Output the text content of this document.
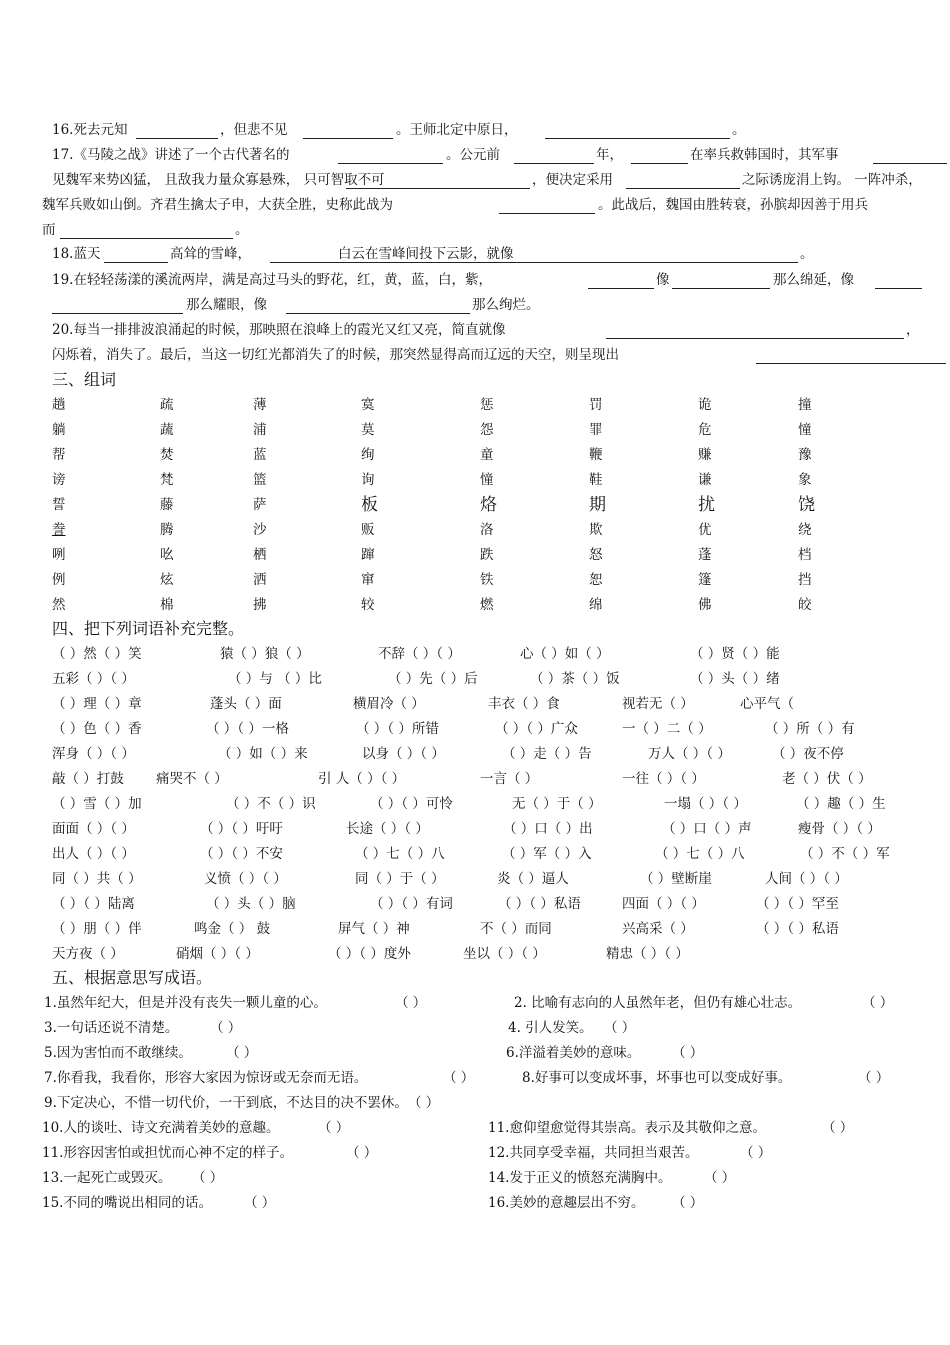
16.死去元知	，但悲不见	。王师北定中原日，	。
17.《马陵之战》讲述了一个古代著名的	。公元前	年，	在率兵救韩国时，其军事
见魏军来势凶猛， 且敌我力量众寡悬殊， 只可智取不可	，便决定采用	之际诱庞涓上钩。 一阵冲杀，
魏军兵败如山倒。齐君生擒太子申，大获全胜，史称此战为	。此战后，魏国由胜转衰，孙膑却因善于用兵
而	。
18.蓝天	高耸的雪峰，	白云在雪峰间投下云影，就像	。
19.在轻轻荡漾的溪流两岸，满是高过马头的野花，红，黄，蓝，白，紫，	像	那么绵延，像
那么耀眼，像	那么绚烂。
20.每当一排排波浪涌起的时候，那映照在浪峰上的霞光又红又亮，简直就像	，
闪烁着，消失了。最后，当这一切红光都消失了的时候，那突然显得高而辽远的天空，则呈现出
三、组词
趟	疏	薄	寞	惩	罚	诡	撞
躺	蔬	浦	莫	怨	罪	危	憧
帮	焚	蓝	绚	童	鞭	赚	豫
谤	梵	篮	询	憧	鞋	谦	象
誓	藤	萨	板	烙	期	扰	饶
誊	腾	沙	贩	洛	欺	优	绕
咧	吆	栖	蹿	跌	怒	蓬	档
例	炫	洒	窜	铁	恕	篷	挡
然	棉	拂	较	燃	绵	佛	皎
四、把下列词语补充完整。
（ ）然（ ）笑	猿（ ）狼（ ）	不辞（ ）（ ）	心（ ）如（ ）	（ ）贤（ ）能
五彩（ ）（ ）	（ ）与 （ ）比	（ ）先（ ）后	（ ）茶（ ）饭	（ ）头（ ）绪
（ ）理（ ）章	蓬头（ ）面	横眉冷（ ）	丰衣（ ）食	视若无（ ）	心平气（
（ ）色（ ）香	（ ）（ ）一格	（ ）（ ）所错	（ ）（ ）广众	一（ ）二（ ）	（ ）所（ ）有
浑身（ ）（ ）	（ ）如（ ）来	以身（ ）（ ）	（ ）走（ ）告	万人（ ）（ ）	（ ）夜不停
敲（ ）打鼓 痛哭不（ ）	引 人（ ）（ ）	一言（ ）	一往（ ）（ ）	老（ ）伏（ ）
（ ）雪（ ）加	（ ）不（ ）识	（ ）（ ）可怜	无（ ）于（ ）	一塌（ ）（ ）	（ ）趣（ ）生
面面（ ）（ ）	（ ）（ ）吁吁	长途（ ）（ ）	（ ）口（ ）出	（ ）口（ ）声	瘦骨（ ）（ ）
出人（ ）（ ）	（ ）（ ）不安	（ ）七（ ）八	（ ）军（ ）入	（ ）七（ ）八	（ ）不（ ）军
同（ ）共（ ）	义愤（ ）（ ）	同（ ）于（ ）	炎（ ）逼人	（ ）壁断崖	人间（ ）（ ）
（ ）（ ）陆离	（ ）头（ ）脑	（ ）（ ）有词	（ ）（ ）私语	四面（ ）（ ）	（ ）（ ）罕至
（ ）朋（ ）伴	鸣金（ ） 鼓	屏气（ ）神	不（ ）而同	兴高采（ ）	（ ）（ ）私语
天方夜（ ）	硝烟（ ）（ ）	（ ）（ ）度外	坐以（ ）（ ）	精忠（ ）（ ）
五、根据意思写成语。
1.虽然年纪大，但是并没有丧失一颗儿童的心。	（ ）	2. 比喻有志向的人虽然年老，但仍有雄心壮志。	（ ）
3.一句话还说不清楚。 （ ）	4. 引人发笑。 （ ）
5.因为害怕而不敢继续。	（ ）	6.洋溢着美妙的意味。 （ ）
7.你看我，我看你，形容大家因为惊讶或无奈而无语。	（ ）	8.好事可以变成坏事，坏事也可以变成好事。	（ ）
9.下定决心，不惜一切代价，一干到底，不达目的决不罢休。 （ ）
10.人的谈吐、诗文充满着美妙的意趣。	（ ）	11.愈仰望愈觉得其崇高。表示及其敬仰之意。	（ ）
11.形容因害怕或担忧而心神不定的样子。	（ ）	12.共同享受幸福，共同担当艰苦。	（ ）
13.一起死亡或毁灭。 （ ）	14.发于正义的愤怒充满胸中。 （ ）
15.不同的嘴说出相同的话。 （ ）	16.美妙的意趣层出不穷。 （ ）
